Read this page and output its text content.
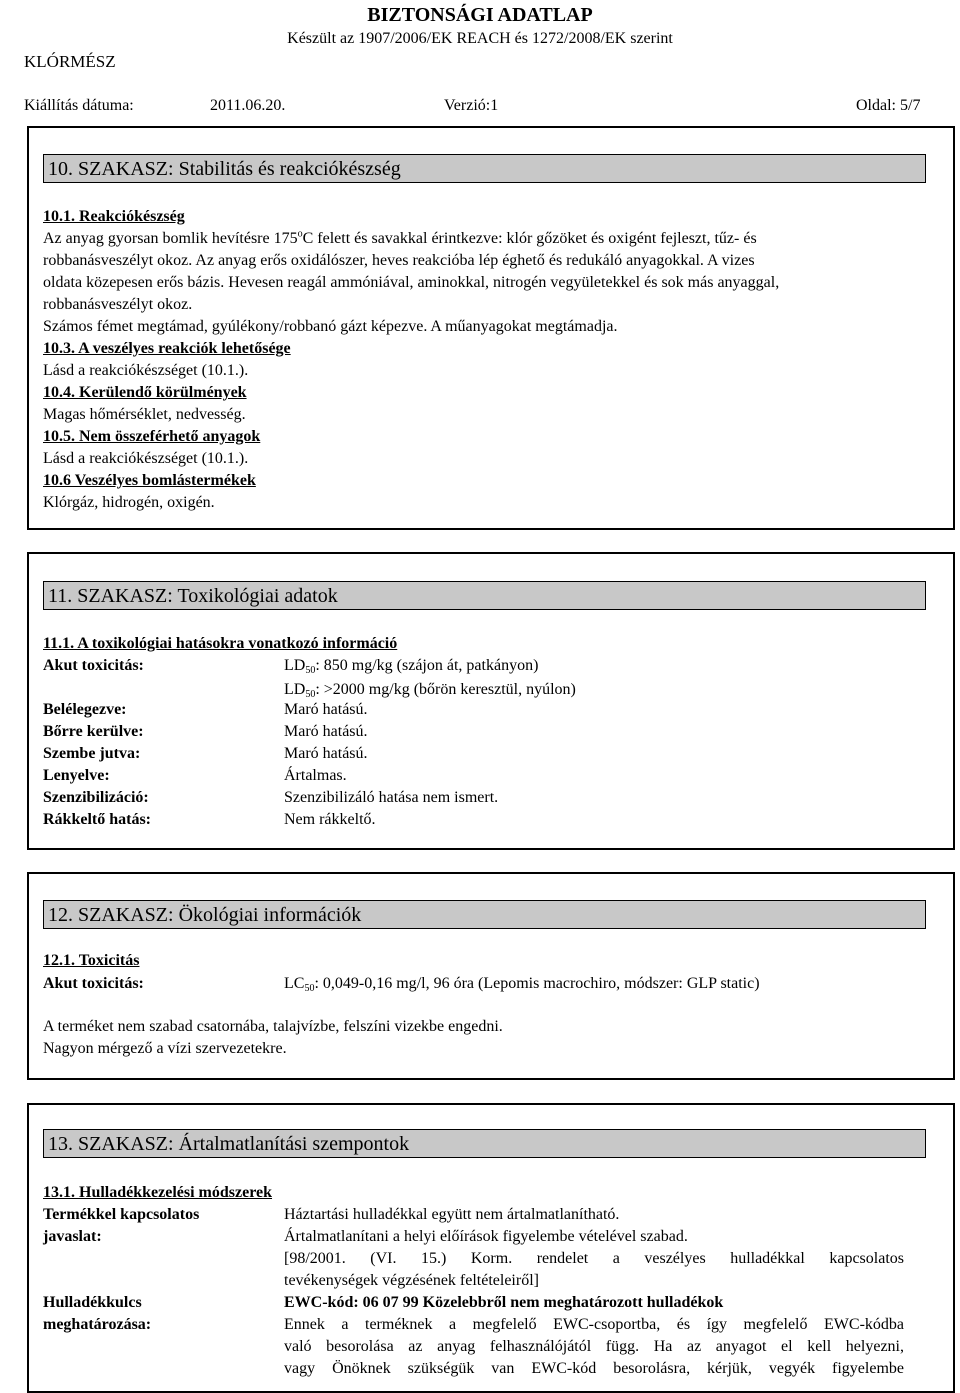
BIZTONSÁGI ADATLAP
Készült az 1907/2006/EK REACH és 1272/2008/EK szerint
KLÓRMÉSZ
Kiállítás dátuma:	2011.06.20.	Verzió:1	Oldal: 5/7
10. SZAKASZ: Stabilitás és reakciókészség
10.1. Reakciókészség
Az anyag gyorsan bomlik hevítésre 175$^o$C felett és savakkal érintkezve: klór gőzöket és oxigént fejleszt, tűz- és
robbanásveszélyt okoz. Az anyag erős oxidálószer, heves reakcióba lép éghető és redukáló anyagokkal. A vizes
oldata közepesen erős bázis. Hevesen reagál ammóniával, aminokkal, nitrogén vegyületekkel és sok más anyaggal,
robbanásveszélyt okoz.
Számos fémet megtámad, gyúlékony/robbanó gázt képezve. A műanyagokat megtámadja.
10.3. A veszélyes reakciók lehetősége
Lásd a reakciókészséget (10.1.).
10.4. Kerülendő körülmények
Magas hőmérséklet, nedvesség.
10.5. Nem összeférhető anyagok
Lásd a reakciókészséget (10.1.).
10.6 Veszélyes bomlástermékek
Klórgáz, hidrogén, oxigén.
11. SZAKASZ: Toxikológiai adatok
11.1. A toxikológiai hatásokra vonatkozó információ
Akut toxicitás:	$LD_{50}$: 850 mg/kg (szájon át, patkányon)
$LD_{50}$: >2000 mg/kg (bőrön keresztül, nyúlon)
Belélegezve:	Maró hatású.
Bőrre kerülve:	Maró hatású.
Szembe jutva:	Maró hatású.
Lenyelve:	Ártalmas.
Szenzibilizáció:	Szenzibilizáló hatása nem ismert.
Rákkeltő hatás:	Nem rákkeltő.
12. SZAKASZ: Ökológiai információk
12.1. Toxicitás
Akut toxicitás:	$LC_{50}$: 0,049-0,16 mg/l, 96 óra (Lepomis macrochiro, módszer: GLP static)
A terméket nem szabad csatornába, talajvízbe, felszíni vizekbe engedni.
Nagyon mérgező a vízi szervezetekre.
13. SZAKASZ: Ártalmatlanítási szempontok
13.1. Hulladékkezelési módszerek
Termékkel kapcsolatos
javaslat:
Háztartási hulladékkal együtt nem ártalmatlanítható.
Ártalmatlanítani a helyi előírások figyelembe vételével szabad.
[98/2001. (VI. 15.) Korm. rendelet a veszélyes hulladékkal kapcsolatos
tevékenységek végzésének feltételeiről]
Hulladékkulcs
meghatározása:
EWC-kód: 06 07 99 Közelebbről nem meghatározott hulladékok
Ennek a terméknek a megfelelő EWC-csoportba, és így megfelelő EWC-kódba
való besorolása az anyag felhasználójától függ. Ha az anyagot el kell helyezni,
vagy Önöknek szükségük van EWC-kód besorolásra, kérjük, vegyék figyelembe
